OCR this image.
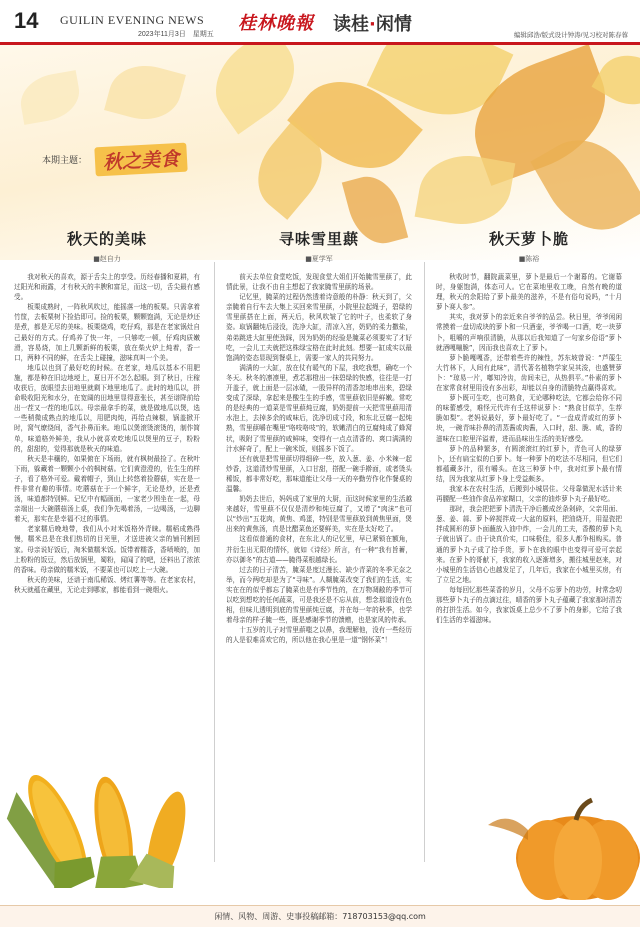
14 GUILIN EVENING NEWS
2023年11月3日　星期五
桂林晚報 读桂·闲情
编辑邱浩/版式设计钟涛/见习校对陈春蓉
本期主题： 秋之美食
秋天的美味
■赵自力

我对秋天的喜欢，源于舌尖上的享受。历经春播和夏耕，有过阳光和雨露，才有秋天的丰腴和富足，而这一切，舌尖最有感受。

板栗成熟时，一阵秋风吹过，能摇落一地的板栗。只需拿着竹筐，去板栗树下捡拾即可。捡的板栗，颗颗饱满，无论是炒还是煮，都是无尽的美味。板栗烧鸡，吃仔鸡，那是在老家锅灶自己最好的方式。仔鸡养了快一年，一只够吃一顿，仔鸡肉质嫩滑，容易烧，加上几颗新鲜的板栗，放在柴火炉上炖着，香一口，两种不同的鲜，在舌尖上碰撞，滋味真叫一个美。

地瓜以也到了最好吃的时候。在老家，地瓜以基本不用肥施，都是种在旧边地埂上，夏日开不怎么起眼。到了秋日，庄稼收获后，放眼望去田地里就剩下地里地瓜了。此时的地瓜以，拼命吸收阳光和水分，在宽阔的田地里显得意张长，甚至谱降前给出一茬又一茬的地瓜以。母亲最拿手的菜，就是做地瓜以煲，选一些稍微成熟点的地瓜以，用肥肉炖，再给点辣椒，锅盖掀开时，窝气缭绕间，香气扑鼻而来。地瓜以煲滚烫滚烫的，制作简单，味道格外鲜美，我从小就喜欢吃地瓜以煲里的豆子，粉粉的，甜甜的，觉得那就是秋天的味道。

秋天是丰穰的，如果俯在下场雨，就有枫树最捡了。在秋叶下雨，躲藏着一颗颗小小的枫树菇。它们黄澄澄的，佐生生的样子，看了格外可爱。戴着帽子，到山上转悠着捡蘑菇，实在是一件非常有趣的事情。吃蘑菇在于一个鲜字，无论是炒，还是煮汤，味道都特别鲜。记忆中有幅画面，一家老少围坐在一起，母亲端出一大碗蘑菇汤上桌，我们争先喝着汤，一边喝汤，一边聊着天，那实在是幸福不过的事情。

老家糯后晚地带，我们从小对米饭格外青睐。糯稻成熟得慢，糯米总是在我们热切的目光里，才送进被父亲的铺刊割回家。母亲说好饭后，淘米做糯米饭。饭带着糯香，香喷喷的，加上粉粉的饭豆，然后放锅里，蜀粉，闻闻了的吧，还料出了浓浓的香味。母亲做的糯米饭，不要菜也可以吃上一大碗。

秋天的美味，还谱于南瓜稀饭、烤红薯等等。在老家农村，秋天就蕴在藏里，无论走到哪家，都能看到一碗烟火。

寻味雪里蕻
■夏学军

前天去单位食堂吃饭，发现食堂大姐们开始腌雪里蕻了，此情此景，让我不由自主想起了我家腌雪里蕻的场景。

记忆里，腌菜的过程仍然透着诗意般的朴静：秋天到了，父亲腌着自行车去大集上买回来雪里蕻，小院里拉起绳子，碧绿的雪里蕻搭在上面，两天后，秋风吹皱了它的叶子，也柔软了身姿。取锅翻炖后浸没，洗净大缸，清凉入宫，奶奶的柔力撒盐，弟弟跳进大缸里使劲踩，因为奶奶的经验是腌菜必须要实了才好吃，一会儿工夫就把这株绿宝格在此时此刻。想要一缸成实以最饱满的姿态显现到餐桌上，需要一家人的共同努力。

满满的一大缸，放在仗有暖气的下屋，我吃我想，确吃一个冬天。秋冬的凛凛里，煮芯那橙出一抹碧绿的快感，往往是一打开盖子，就上面是一层冰碴，一股异样的清香忽地串出来，碧绿变成了深绿，拿起来是酸生生的手感，雪里蕻依旧是鲜嫩。常吃的是经典的一道菜是雪里蕻炖豆腐，奶奶提前一天把雪里蕻用清水泡上，去掉多余的咸味后，洗净切成寸段，和东北豆腐一起炖熟，雪里蕻嚼在嘴里“咯吱咯吱”的，软嫩清白的豆腐炖成了蜂窝状，吸附了雪里蕻的咸鲜味，变得有一点点清香的、爽口满满的汁水鲜奇了，配上一碗米饭，则摇多下饭了。

还有就是把雪里蕻切得细碎一些，放入葱、姜、小米辣一起炒香，这道清炒雪里蕻，入口甘甜，搭配一碗手擀面，或者烫头稀饭，都非常好吃，那味道能让父母一天的辛勤劳作化作餐桌的温馨。

奶奶去世后，妈妈成了家里的大厨，而这时候家里的生活越来越好，雪里蕻不仅仅是清炒和炖豆腐了，又增了“肉沫”也可以“炒出”五花肉，黄焦、鸡蛋，特别是雪里蕻放到黄焦里面，煲出来的黄焦汤，真是比醋菜鱼还要鲜美，实在是太好吃了。

这看似普通的食材，在东北人的记忆里，早已紧锁在额角，并衍生出无限的情怀，就如《诗经》所言，有一种“我有旨蓄，亦以御冬”的古道——腌得菜根越绿长。

过去的日子清苦，腌菜是度过漫长、缺少青菜的冬季无奈之举，而今两吃却是为了“寻味”。人糊腌菜改变了我们的生活，实实在在的似乎都忘了腌菜也是有季节性的，在万物凋敝的季节可以吃到想吃的任何蔬菜，可是我还是不忘从前，想念那道没有色相，但味儿透明到底的雪里蕻炖豆腐，并在每一年的秋季，也学着母亲的样子腌一些，既是感谢季节的馈赠，也是家风的传承。

十五岁的儿子对雪里蕻嗤之以鼻，我理解他，没有一些经历的人是很难喜欢它的，所以他在我心里是一道“钢怀菜”！

秋天萝卜脆
■陈裕

秋收时节，翻院蔬菜里，萝卜是最后一个谢幕的。它谢幕时，身躯饱满，体态可人。它在菜地里收工晚，自然有晚的道理，秋天的余阳给了萝卜最美的滋养，不是有俗句说吗，“十月萝卜赛人参”。

其实，我对萝卜的亲近来自爷爷的品尝。秋日里，爷爷闲闲常摸着一盘切成块的萝卜和一只酒壶，爷爷喝一口酒，吃一块萝卜，咀嚼的声响很清脆，从那以后我知道了一句家乡俗语“萝卜就酒嘎嘣脆”，因而我也喜欢上了萝卜。

萝卜脆嘎嘎香，还带着些许的辣性，苏东坡曾说：“芦菔生大竹林下，人间有此味”，清代著名植物学家吴其浚，也盛赞萝卜：“琼易一片，嘟知冷齿，齿间未已，从热俱平。”朴素的萝卜在家常食材里用没有多出彩，却能以自身的清脆特点赢得喜欢。

萝卜既可生吃，也可熟食，无论哪种吃法，它都会给你不同的味蕾感受，难怪元代许有壬这样说萝卜：“熟食甘似芋，生荐脆如梨”。老妈说最好，萝卜最好吃了。“一盘成青或红的萝卜块，一碗青味扑鼻的清蒸酱或肉酱，入口时，甜、脆、咸，香的滋味在口腔里洋溢着，进而品味出生活的美好感受。

萝卜的品种繁多，有圆滚滚红的红萝卜，青色可人的绿萝卜，还有扁宝似的白萝卜。每一种萝卜的吃法不尽相同，但它们都蕴藏多汁，很有嚼头。在这三种萝卜中，我对红萝卜最有情结，因为我家从红萝卜身上受益颇多。

我家本在农村生活，后搬到小城居住。父母靠做泥水活计来再腰配一些油作食品养家糊口，父亲的油炸萝卜丸子最好吃。

那时，我会把把萝卜清洗干净后搬成丝条剁碎，父亲用面、葱、姜、蒜、萝卜碎搅拌成一大盆的原料，把油烧开，用湿瓷把拌成圆形的萝卜面蘸放入油中炸，一会儿的工夫，香酸的萝卜丸子就出锅了。由于诀真价实，口味极佳，很多人都争相购买。普通的萝卜丸子成了拾手货，萝卜在我的眼中也变得可爱可亲起来。在萝卜的哥献下，我家的收入逐渐增多，搬往城里赵来，对小城里的生活信心也越发足了，几年后，我家在小城里买房，有了立足之地。

每每回忆那些菜香的岁月，父母不忘萝卜的功劳，时常念叨那些萝卜丸子的点滴过往，晴香的萝卜丸子蕴藏了我家那时清苦的打拼生活。如今，我家饭桌上总少不了萝卜的身影，它给了我们生活的幸福滋味。

闲情、风物、周游、史事投稿邮箱：718703153@qq.com
